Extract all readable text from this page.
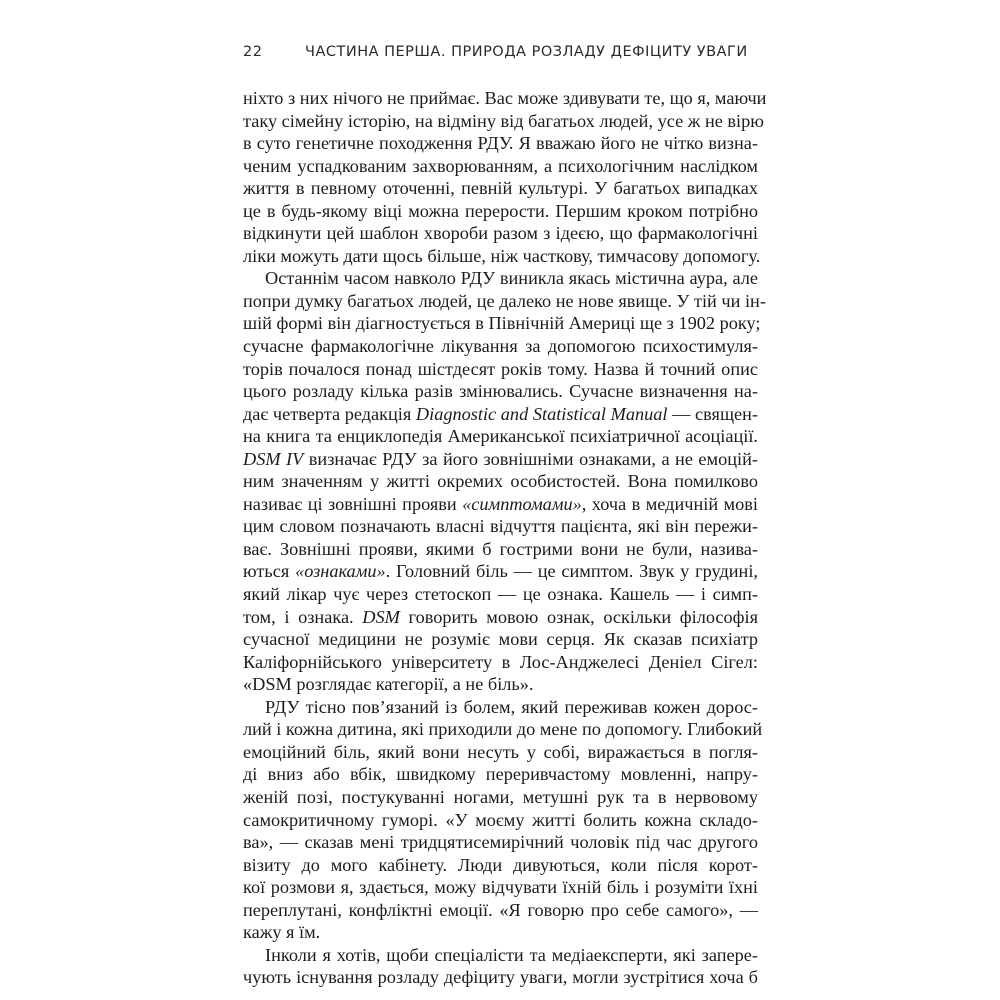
22	ЧАСТИНА ПЕРША. ПРИРОДА РОЗЛАДУ ДЕФІЦИТУ УВАГИ
ніхто з них нічого не приймає. Вас може здивувати те, що я, маючи
таку сімейну історію, на відміну від багатьох людей, усе ж не вірю
в суто генетичне походження РДУ. Я вважаю його не чітко визна-
ченим успадкованим захворюванням, а психологічним наслідком
життя в певному оточенні, певній культурі. У багатьох випадках
це в будь-якому віці можна перерости. Першим кроком потрібно
відкинути цей шаблон хвороби разом з ідеєю, що фармакологічні
ліки можуть дати щось більше, ніж часткову, тимчасову допомогу.
Останнім часом навколо РДУ виникла якась містична аура, але
попри думку багатьох людей, це далеко не нове явище. У тій чи ін-
шій формі він діагностується в Північній Америці ще з 1902 року;
сучасне фармакологічне лікування за допомогою психостимуля-
торів почалося понад шістдесят років тому. Назва й точний опис
цього розладу кілька разів змінювались. Сучасне визначення на-
дає четверта редакція Diagnostic and Statistical Manual — священ-
на книга та енциклопедія Американської психіатричної асоціації.
DSM IV визначає РДУ за його зовнішніми ознаками, а не емоцій-
ним значенням у житті окремих особистостей. Вона помилково
називає ці зовнішні прояви «симптомами», хоча в медичній мові
цим словом позначають власні відчуття пацієнта, які він пережи-
ває. Зовнішні прояви, якими б гострими вони не були, назива-
ються «ознаками». Головний біль — це симптом. Звук у грудині,
який лікар чує через стетоскоп — це ознака. Кашель — і симп-
том, і ознака. DSM говорить мовою ознак, оскільки філософія
сучасної медицини не розуміє мови серця. Як сказав психіатр
Каліфорнійського університету в Лос-Анджелесі Деніел Сігел:
«DSM розглядає категорії, а не біль».
РДУ тісно пов’язаний із болем, який переживав кожен дорос-
лий і кожна дитина, які приходили до мене по допомогу. Глибокий
емоційний біль, який вони несуть у собі, виражається в погля-
ді вниз або вбік, швидкому переривчастому мовленні, напру-
женій позі, постукуванні ногами, метушні рук та в нервовому
самокритичному гуморі. «У моєму житті болить кожна складо-
ва», — сказав мені тридцятисемирічний чоловік під час другого
візиту до мого кабінету. Люди дивуються, коли після корот-
кої розмови я, здається, можу відчувати їхній біль і розуміти їхні
переплутані, конфліктні емоції. «Я говорю про себе самого», —
кажу я їм.
Інколи я хотів, щоби спеціалісти та медіаексперти, які запере-
чують існування розладу дефіциту уваги, могли зустрітися хоча б
